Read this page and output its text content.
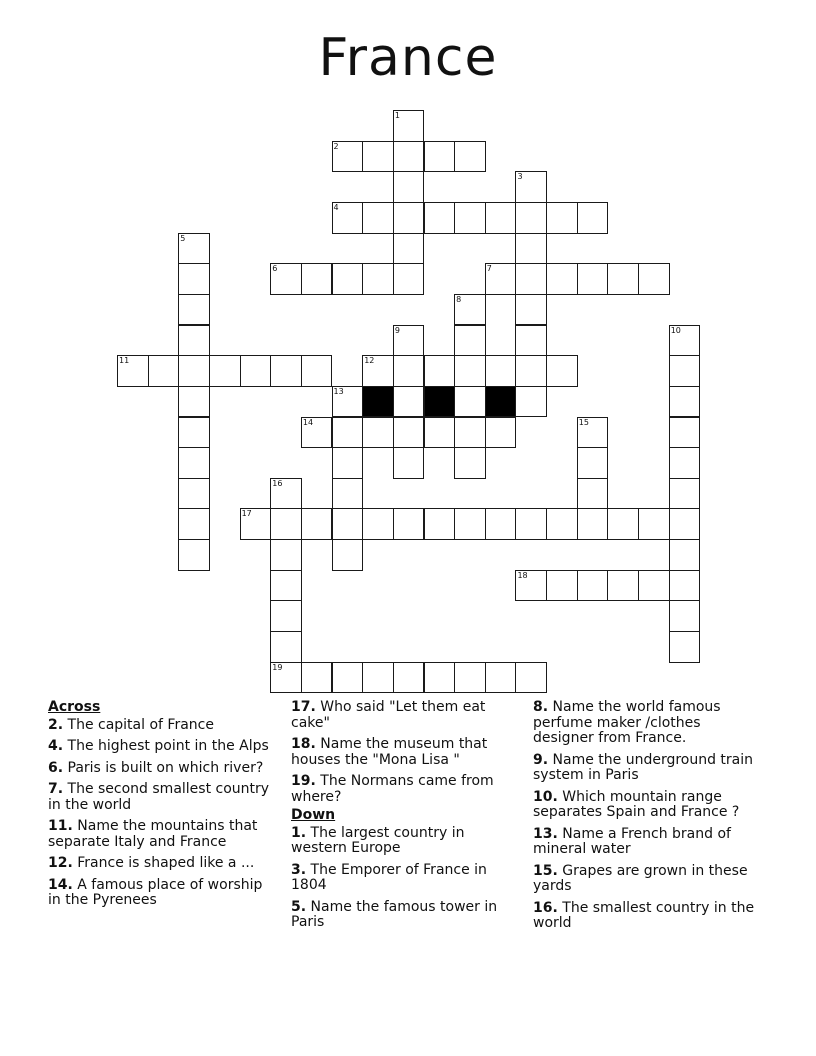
France
1
2
3
4
5
6	7
8
9	10
11	12
13
14	15
16
17
18
19
Across
2. The capital of France
4. The highest point in the Alps
6. Paris is built on which river?
7. The second smallest country in the world
11. Name the mountains that separate Italy and France
12. France is shaped like a ...
14. A famous place of worship in the Pyrenees
17. Who said "Let them eat cake"
18. Name the museum that houses the "Mona Lisa "
19. The Normans came from where?
Down
1. The largest country in western Europe
3. The Emporer of France in 1804
5. Name the famous tower in Paris
8. Name the world famous perfume maker /clothes designer from France.
9. Name the underground train system in Paris
10. Which mountain range separates Spain and France ?
13. Name a French brand of mineral water
15. Grapes are grown in these yards
16. The smallest country in the world
